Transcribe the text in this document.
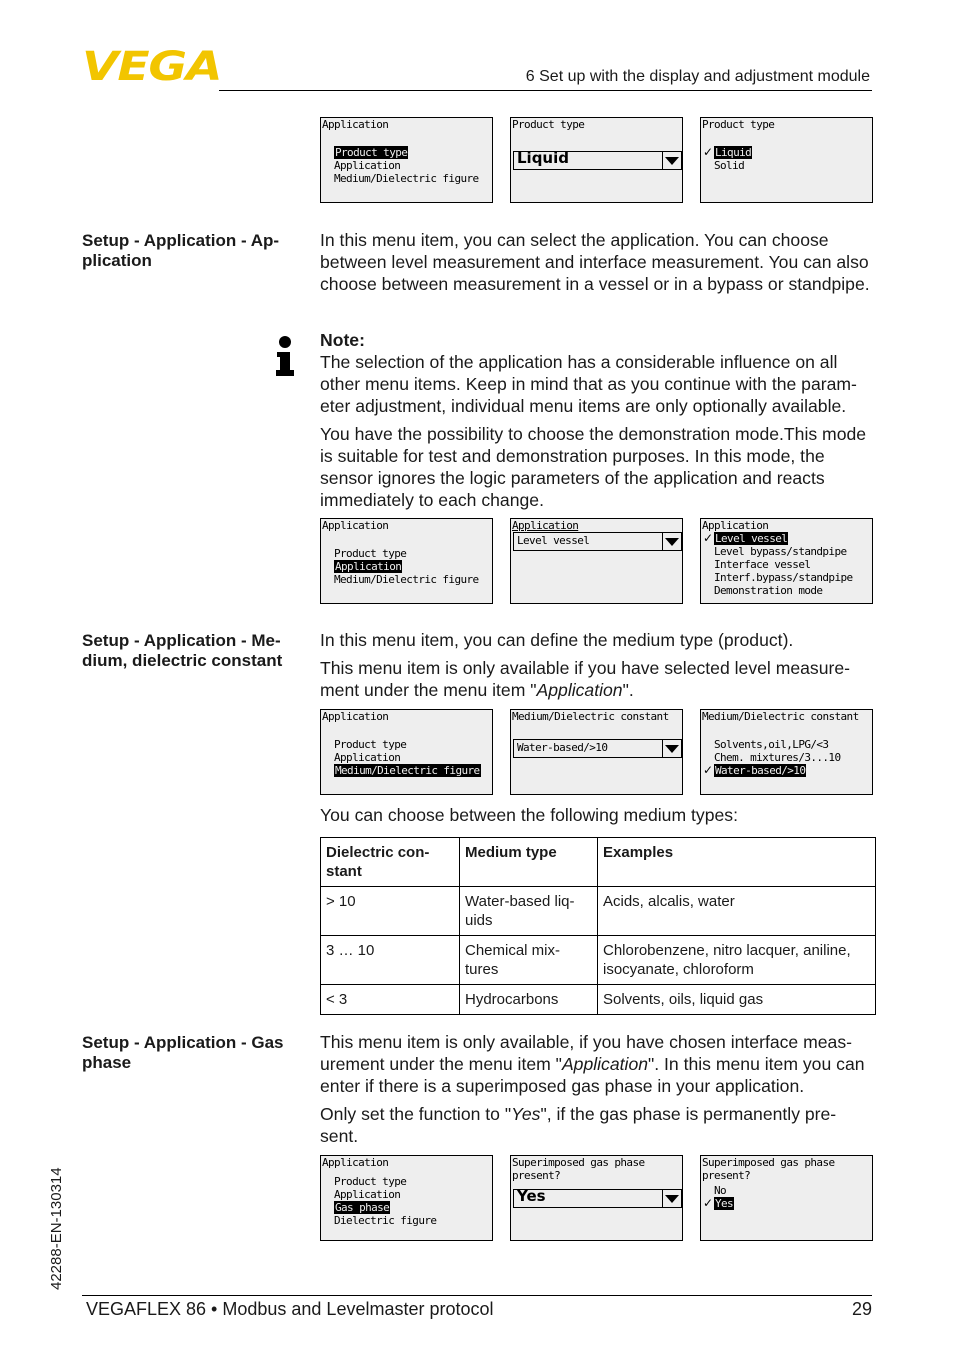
VEGA	6 Set up with the display and adjustment module
Application
Product type
Application
Medium/Dielectric figure
Product type
Liquid
Product type
✓ Liquid
Solid
Setup - Application - Ap-
plication

In this menu item, you can select the application. You can choose between level measurement and interface measurement. You can also choose between measurement in a vessel or in a bypass or standpipe.

Note:

The selection of the application has a considerable influence on all other menu items. Keep in mind that as you continue with the param- eter adjustment, individual menu items are only optionally available.

You have the possibility to choose the demonstration mode.This mode is suitable for test and demonstration purposes. In this mode, the sensor ignores the logic parameters of the application and reacts immediately to each change.

Application
Product type
Application
Medium/Dielectric figure
Application
Level vessel
Application
✓ Level vessel
Level bypass/standpipe
Interface vessel
Interf.bypass/standpipe
Demonstration mode
Setup - Application - Me-
dium, dielectric constant

In this menu item, you can define the medium type (product).

This menu item is only available if you have selected level measure- ment under the menu item "Application".

Application
Product type
Application
Medium/Dielectric figure
Medium/Dielectric constant
Water-based/>10
Medium/Dielectric constant
Solvents,oil,LPG/<3
Chem. mixtures/3...10
✓ Water-based/>10

You can choose between the following medium types:

Dielectric con- stant	Medium type	Examples
> 10	Water-based liq- uids	Acids, alcalis, water
3 … 10	Chemical mix- tures	Chlorobenzene, nitro lacquer, aniline, isocyanate, chloroform
< 3	Hydrocarbons	Solvents, oils, liquid gas
Setup - Application - Gas
phase

This menu item is only available, if you have chosen interface meas- urement under the menu item "Application". In this menu item you can enter if there is a superimposed gas phase in your application.

Only set the function to "Yes", if the gas phase is permanently pre- sent.

Application
Product type
Application
Gas phase
Dielectric figure
Superimposed gas phase
present?
Yes
Superimposed gas phase
present?
No
✓ Yes
42288-EN-130314
VEGAFLEX 86 • Modbus and Levelmaster protocol	29
